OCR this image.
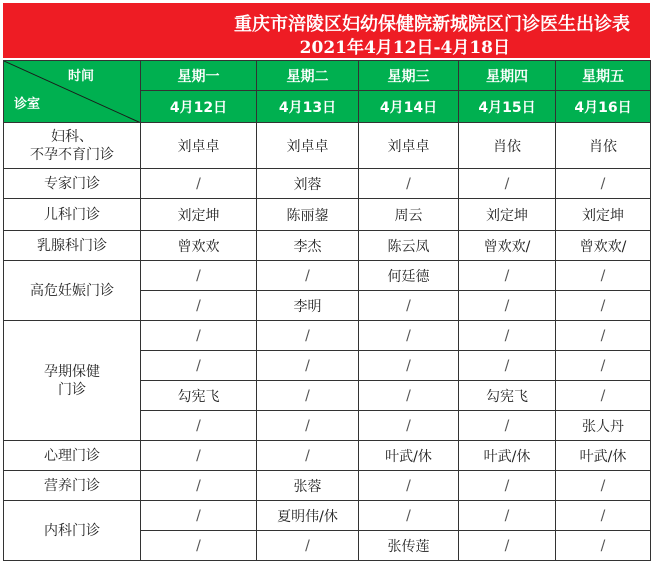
重庆市涪陵区妇幼保健院新城院区门诊医生出诊表
2021年4月12日-4月18日
时间
诊室	星期一	星期二	星期三	星期四	星期五
	4月12日	4月13日	4月14日	4月15日	4月16日
妇科、
不孕不育门诊	刘卓卓	刘卓卓	刘卓卓	肖依	肖依
专家门诊	/	刘蓉	/	/	/
儿科门诊	刘定坤	陈丽鋆	周云	刘定坤	刘定坤
乳腺科门诊	曾欢欢	李杰	陈云凤	曾欢欢/	曾欢欢/
高危妊娠门诊	/	/	何廷德	/	/
	/	李明	/	/	/
孕期保健
门诊	/	/	/	/	/
	/	/	/	/	/
	勾宪飞	/	/	勾宪飞	/
	/	/	/	/	张人丹
心理门诊	/	/	叶武/休	叶武/休	叶武/休
营养门诊	/	张蓉	/	/	/
内科门诊	/	夏明伟/休	/	/	/
	/	/	张传莲	/	/
